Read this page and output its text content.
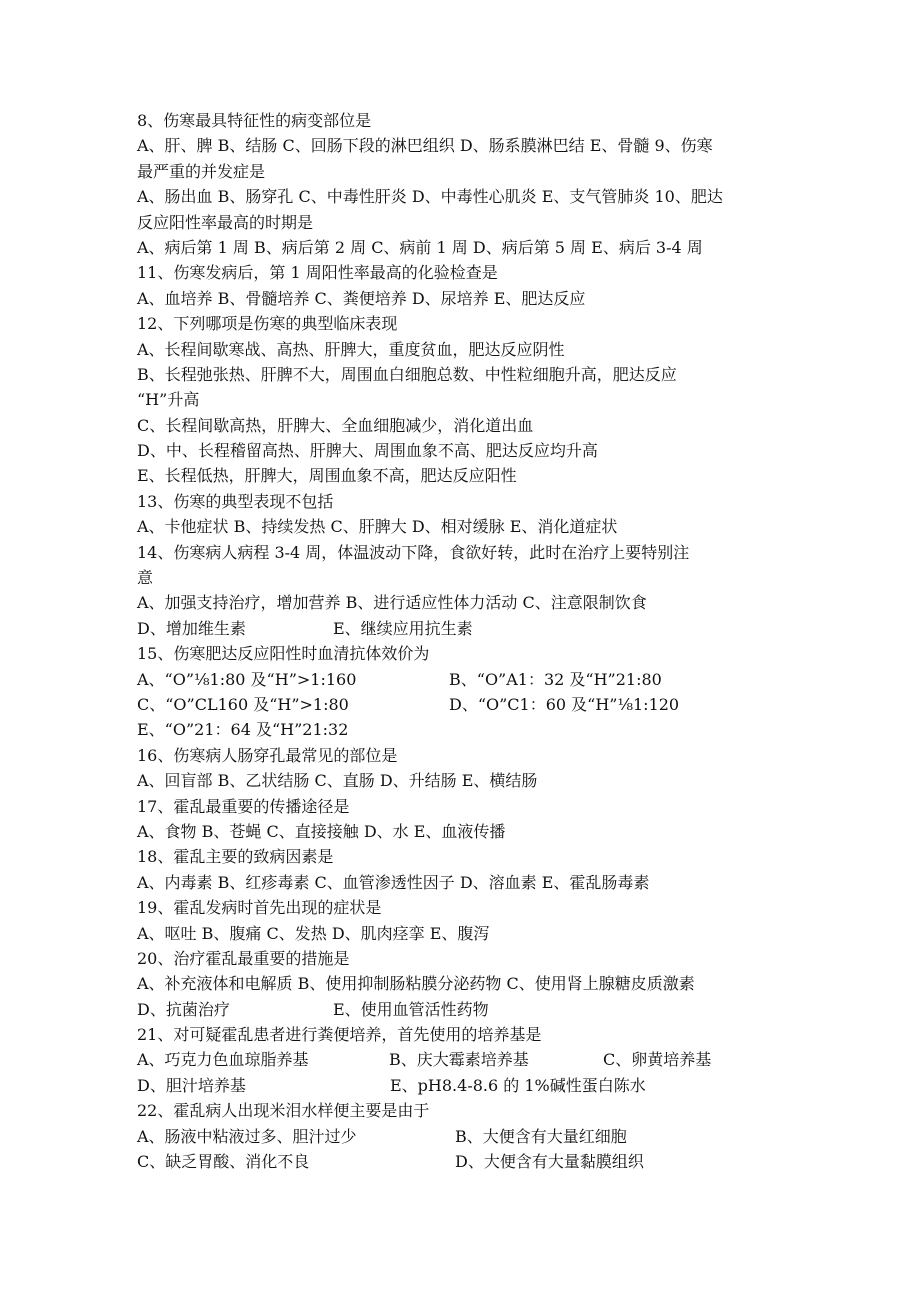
8、伤寒最具特征性的病变部位是
A、肝、脾 B、结肠 C、回肠下段的淋巴组织 D、肠系膜淋巴结 E、骨髓 9、伤寒
最严重的并发症是
A、肠出血 B、肠穿孔 C、中毒性肝炎 D、中毒性心肌炎 E、支气管肺炎 10、肥达
反应阳性率最高的时期是
A、病后第 1 周 B、病后第 2 周 C、病前 1 周 D、病后第 5 周 E、病后 3-4 周
11、伤寒发病后，第 1 周阳性率最高的化验检查是
A、血培养 B、骨髓培养 C、粪便培养 D、尿培养 E、肥达反应
12、下列哪项是伤寒的典型临床表现
A、长程间歇寒战、高热、肝脾大，重度贫血，肥达反应阴性
B、长程弛张热、肝脾不大，周围血白细胞总数、中性粒细胞升高，肥达反应
“H”升高
C、长程间歇高热，肝脾大、全血细胞减少，消化道出血
D、中、长程稽留高热、肝脾大、周围血象不高、肥达反应均升高
E、长程低热，肝脾大，周围血象不高，肥达反应阳性
13、伤寒的典型表现不包括
A、卡他症状 B、持续发热 C、肝脾大 D、相对缓脉 E、消化道症状
14、伤寒病人病程 3-4 周，体温波动下降，食欲好转，此时在治疗上要特别注
意
A、加强支持治疗，增加营养 B、进行适应性体力活动 C、注意限制饮食
D、增加维生素	E、继续应用抗生素
15、伤寒肥达反应阳性时血清抗体效价为
A、“O”⅛1:80 及“H”>1:160	B、“O”A1：32 及“H”21:80
C、“O”CL160 及“H”>1:80	D、“O”C1：60 及“H”⅛1:120
E、“O”21：64 及“H”21:32
16、伤寒病人肠穿孔最常见的部位是
A、回盲部 B、乙状结肠 C、直肠 D、升结肠 E、横结肠
17、霍乱最重要的传播途径是
A、食物 B、苍蝇 C、直接接触 D、水 E、血液传播
18、霍乱主要的致病因素是
A、内毒素 B、红疹毒素 C、血管渗透性因子 D、溶血素 E、霍乱肠毒素
19、霍乱发病时首先出现的症状是
A、呕吐 B、腹痛 C、发热 D、肌肉痉挛 E、腹泻
20、治疗霍乱最重要的措施是
A、补充液体和电解质 B、使用抑制肠粘膜分泌药物 C、使用肾上腺糖皮质激素
D、抗菌治疗	E、使用血管活性药物
21、对可疑霍乱患者进行粪便培养，首先使用的培养基是
A、巧克力色血琼脂养基	B、庆大霉素培养基	C、卵黄培养基
D、胆汁培养基	E、pH8.4-8.6 的 1%碱性蛋白陈水
22、霍乱病人出现米泪水样便主要是由于
A、肠液中粘液过多、胆汁过少	B、大便含有大量红细胞
C、缺乏胃酸、消化不良	D、大便含有大量黏膜组织
